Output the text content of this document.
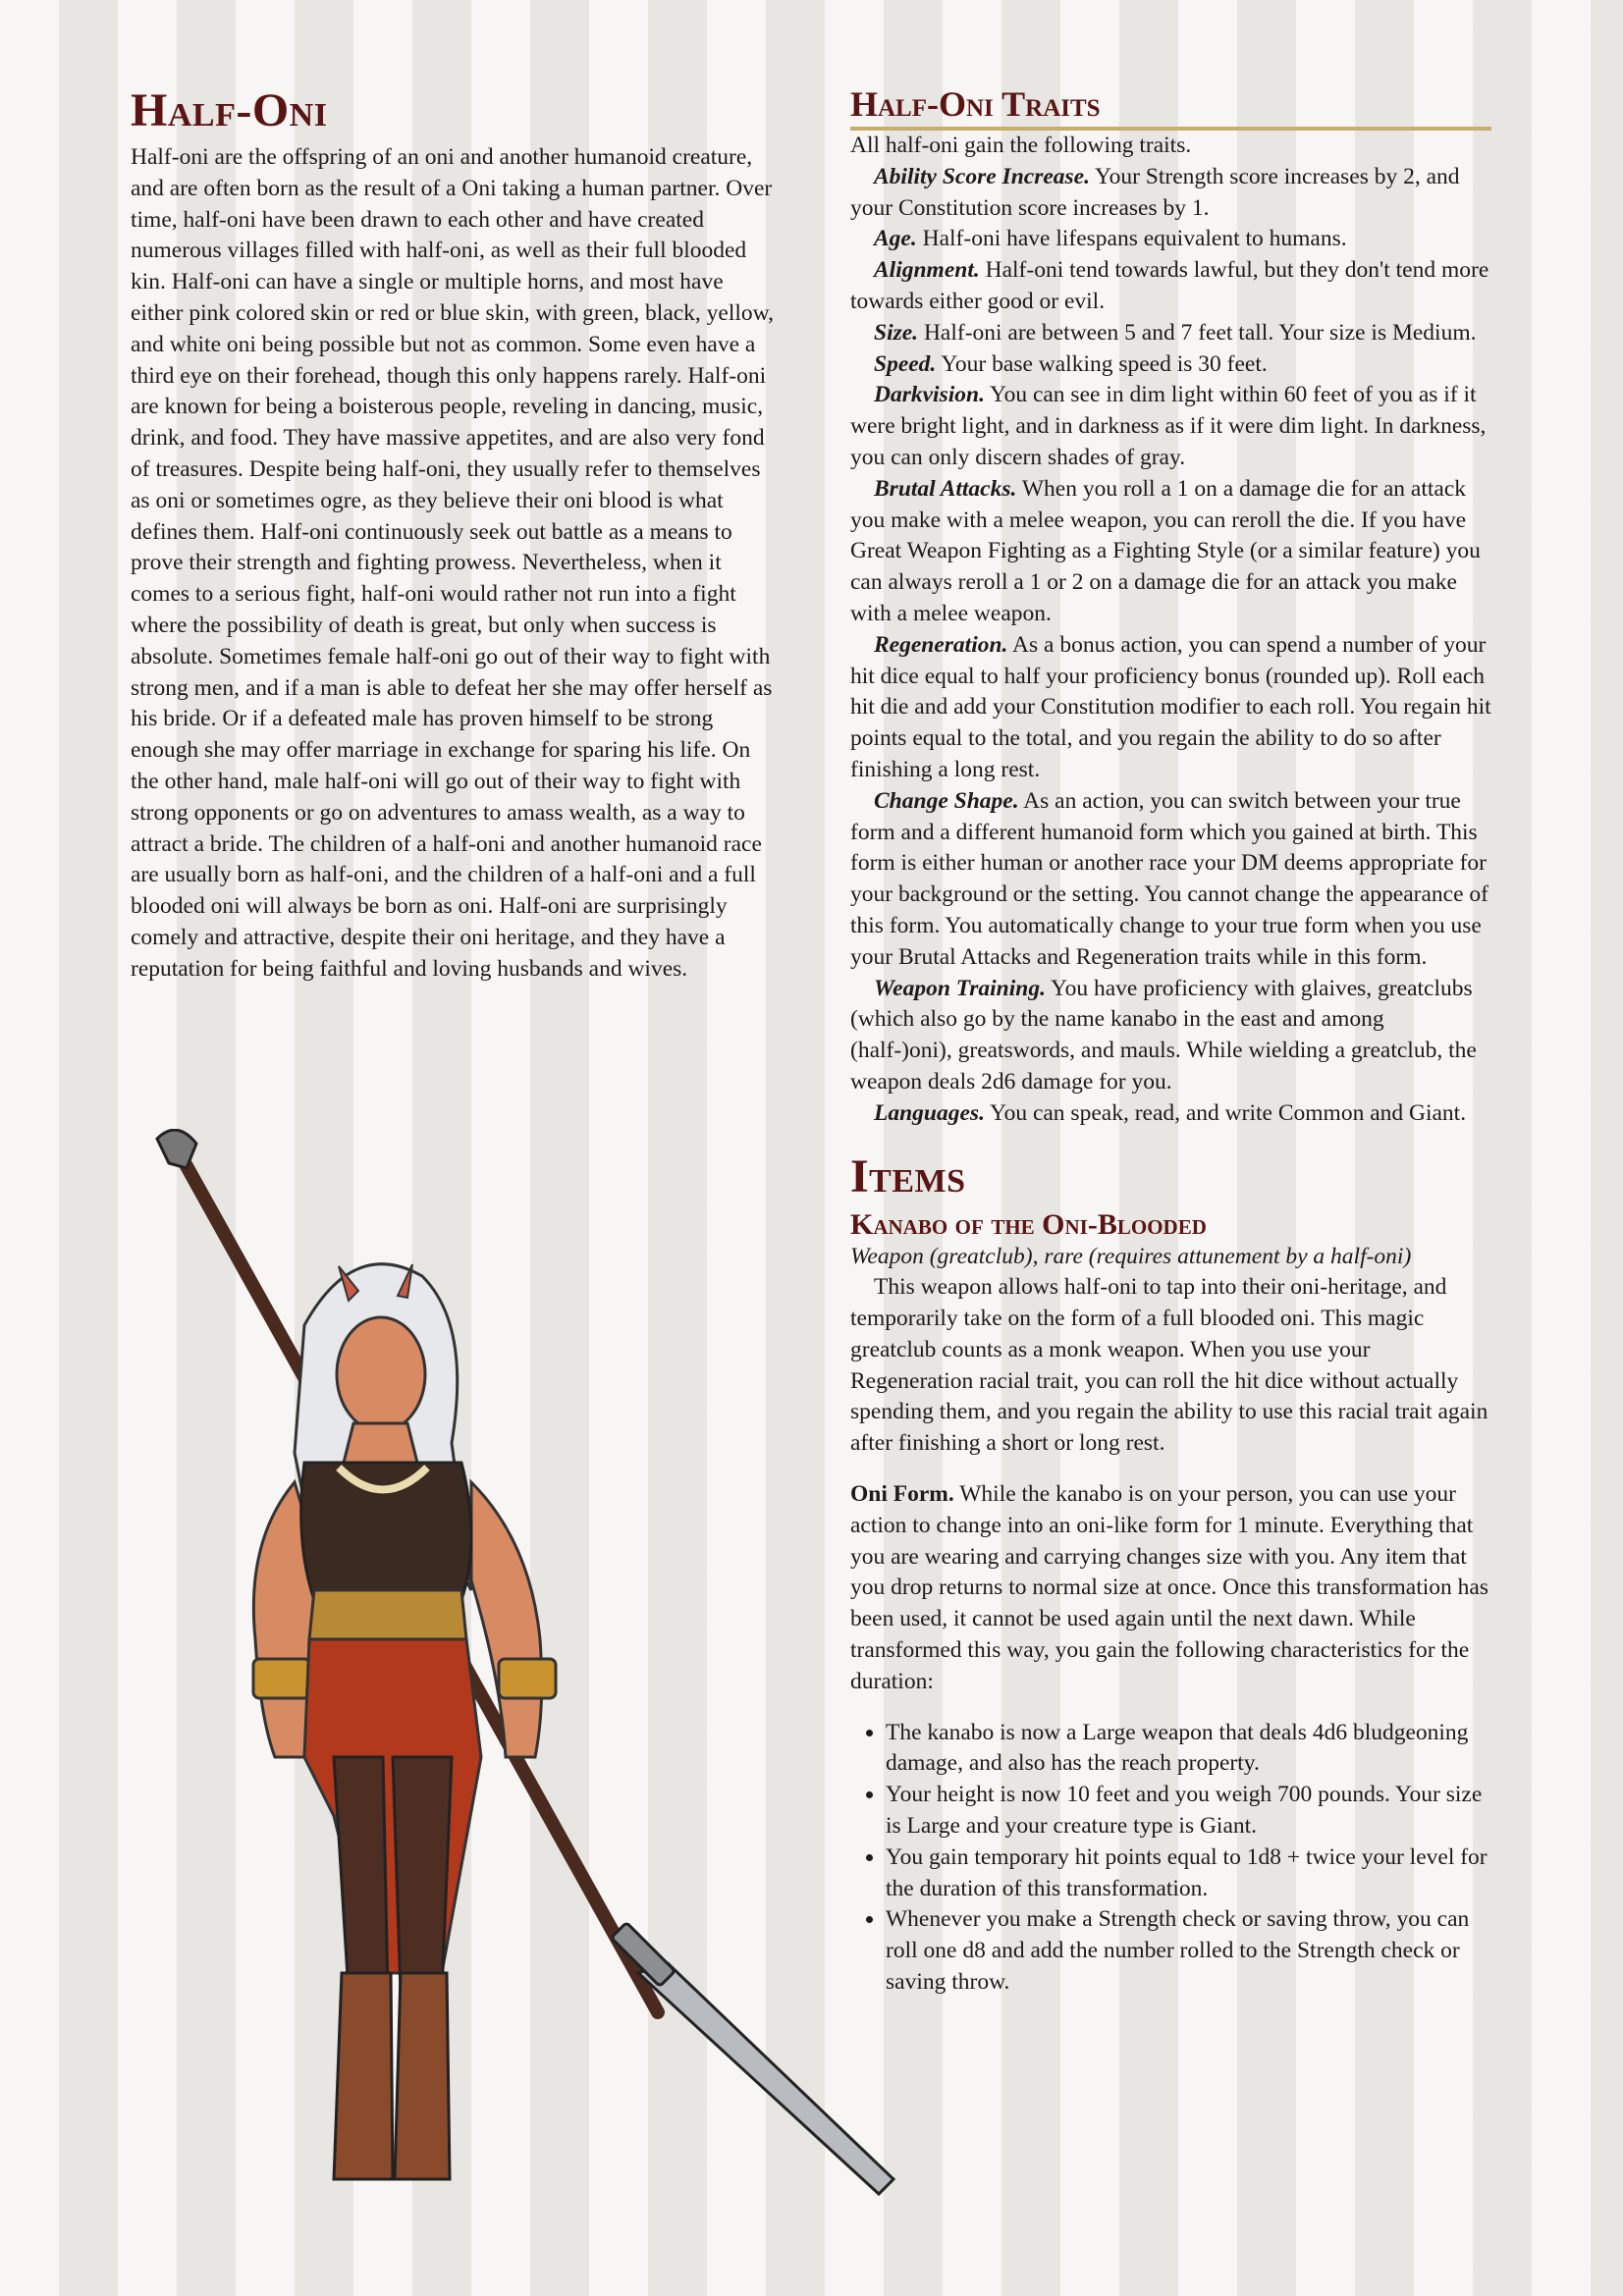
Half-Oni

Half-oni are the offspring of an oni and another humanoid creature, and are often born as the result of a Oni taking a human partner. Over time, half-oni have been drawn to each other and have created numerous villages filled with half-oni, as well as their full blooded kin. Half-oni can have a single or multiple horns, and most have either pink colored skin or red or blue skin, with green, black, yellow, and white oni being possible but not as common. Some even have a third eye on their forehead, though this only happens rarely. Half-oni are known for being a boisterous people, reveling in dancing, music, drink, and food. They have massive appetites, and are also very fond of treasures. Despite being half-oni, they usually refer to themselves as oni or sometimes ogre, as they believe their oni blood is what defines them. Half-oni continuously seek out battle as a means to prove their strength and fighting prowess. Nevertheless, when it comes to a serious fight, half-oni would rather not run into a fight where the possibility of death is great, but only when success is absolute. Sometimes female half-oni go out of their way to fight with strong men, and if a man is able to defeat her she may offer herself as his bride. Or if a defeated male has proven himself to be strong enough she may offer marriage in exchange for sparing his life. On the other hand, male half-oni will go out of their way to fight with strong opponents or go on adventures to amass wealth, as a way to attract a bride. The children of a half-oni and another humanoid race are usually born as half-oni, and the children of a half-oni and a full blooded oni will always be born as oni. Half-oni are surprisingly comely and attractive, despite their oni heritage, and they have a reputation for being faithful and loving husbands and wives.

Half-Oni Traits

All half-oni gain the following traits.

Ability Score Increase. Your Strength score increases by 2, and your Constitution score increases by 1.

Age. Half-oni have lifespans equivalent to humans.

Alignment. Half-oni tend towards lawful, but they don't tend more towards either good or evil.

Size. Half-oni are between 5 and 7 feet tall. Your size is Medium.

Speed. Your base walking speed is 30 feet.

Darkvision. You can see in dim light within 60 feet of you as if it were bright light, and in darkness as if it were dim light. In darkness, you can only discern shades of gray.

Brutal Attacks. When you roll a 1 on a damage die for an attack you make with a melee weapon, you can reroll the die. If you have Great Weapon Fighting as a Fighting Style (or a similar feature) you can always reroll a 1 or 2 on a damage die for an attack you make with a melee weapon.

Regeneration. As a bonus action, you can spend a number of your hit dice equal to half your proficiency bonus (rounded up). Roll each hit die and add your Constitution modifier to each roll. You regain hit points equal to the total, and you regain the ability to do so after finishing a long rest.

Change Shape. As an action, you can switch between your true form and a different humanoid form which you gained at birth. This form is either human or another race your DM deems appropriate for your background or the setting. You cannot change the appearance of this form. You automatically change to your true form when you use your Brutal Attacks and Regeneration traits while in this form.

Weapon Training. You have proficiency with glaives, greatclubs (which also go by the name kanabo in the east and among (half-)oni), greatswords, and mauls. While wielding a greatclub, the weapon deals 2d6 damage for you.

Languages. You can speak, read, and write Common and Giant.

Items
Kanabo of the Oni-Blooded

Weapon (greatclub), rare (requires attunement by a half-oni)

This weapon allows half-oni to tap into their oni-heritage, and temporarily take on the form of a full blooded oni. This magic greatclub counts as a monk weapon. When you use your Regeneration racial trait, you can roll the hit dice without actually spending them, and you regain the ability to use this racial trait again after finishing a short or long rest.

Oni Form. While the kanabo is on your person, you can use your action to change into an oni-like form for 1 minute. Everything that you are wearing and carrying changes size with you. Any item that you drop returns to normal size at once. Once this transformation has been used, it cannot be used again until the next dawn. While transformed this way, you gain the following characteristics for the duration:

• The kanabo is now a Large weapon that deals 4d6 bludgeoning damage, and also has the reach property.
• Your height is now 10 feet and you weigh 700 pounds. Your size is Large and your creature type is Giant.
• You gain temporary hit points equal to 1d8 + twice your level for the duration of this transformation.
• Whenever you make a Strength check or saving throw, you can roll one d8 and add the number rolled to the Strength check or saving throw.
